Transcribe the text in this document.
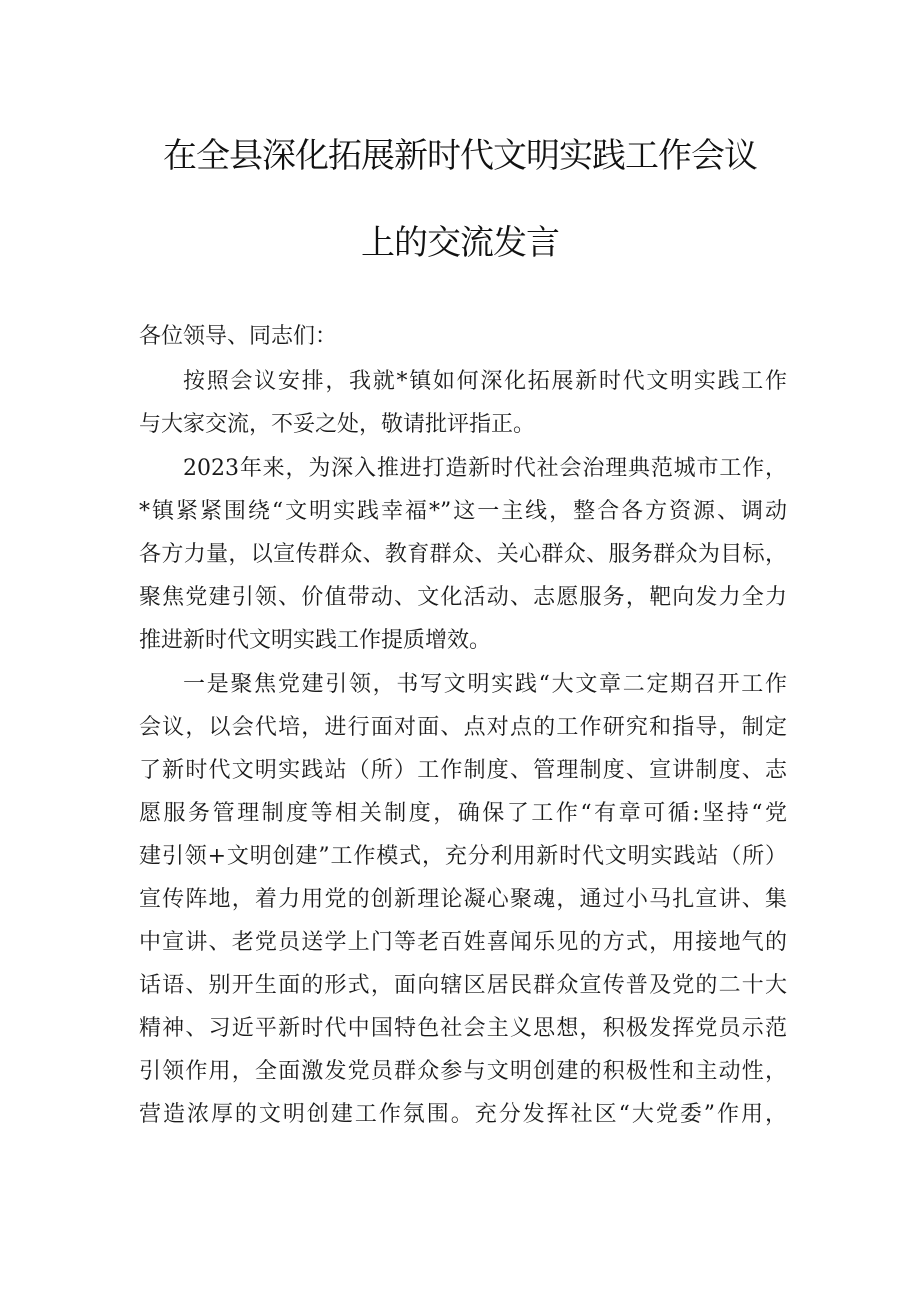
在全县深化拓展新时代文明实践工作会议
上的交流发言
各位领导、同志们：
按照会议安排，我就*镇如何深化拓展新时代文明实践工作
与大家交流，不妥之处，敬请批评指正。
2023年来，为深入推进打造新时代社会治理典范城市工作，
*镇紧紧围绕“文明实践幸福*”这一主线，整合各方资源、调动
各方力量，以宣传群众、教育群众、关心群众、服务群众为目标，
聚焦党建引领、价值带动、文化活动、志愿服务，靶向发力全力
推进新时代文明实践工作提质增效。
一是聚焦党建引领，书写文明实践“大文章二定期召开工作
会议，以会代培，进行面对面、点对点的工作研究和指导，制定
了新时代文明实践站（所）工作制度、管理制度、宣讲制度、志
愿服务管理制度等相关制度，确保了工作“有章可循:坚持“党
建引领+文明创建”工作模式，充分利用新时代文明实践站（所）
宣传阵地，着力用党的创新理论凝心聚魂，通过小马扎宣讲、集
中宣讲、老党员送学上门等老百姓喜闻乐见的方式，用接地气的
话语、别开生面的形式，面向辖区居民群众宣传普及党的二十大
精神、习近平新时代中国特色社会主义思想，积极发挥党员示范
引领作用，全面激发党员群众参与文明创建的积极性和主动性，
营造浓厚的文明创建工作氛围。充分发挥社区“大党委”作用，
